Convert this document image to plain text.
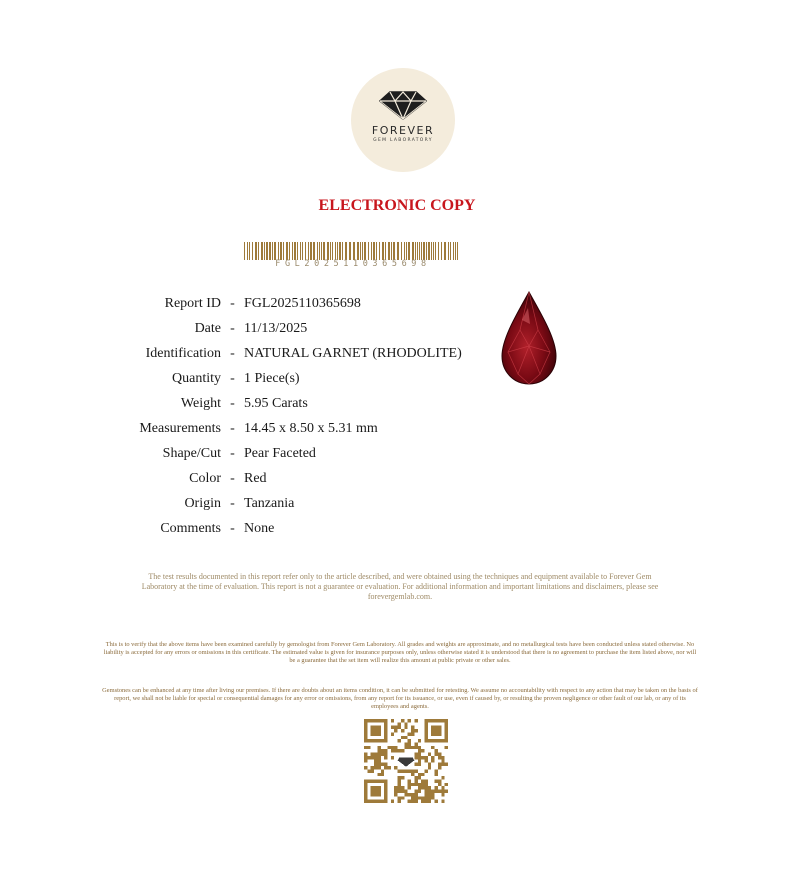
FOREVER
GEM LABORATORY
ELECTRONIC COPY
FGL2025110365698
Report ID - FGL2025110365698
Date - 11/13/2025
Identification - NATURAL GARNET (RHODOLITE)
Quantity - 1 Piece(s)
Weight - 5.95 Carats
Measurements - 14.45 x 8.50 x 5.31 mm
Shape/Cut - Pear Faceted
Color - Red
Origin - Tanzania
Comments - None
The test results documented in this report refer only to the article described, and were obtained using the techniques and equipment available to Forever Gem Laboratory at the time of evaluation. This report is not a guarantee or evaluation. For additional information and important limitations and disclaimers, please see forevergemlab.com.
This is to verify that the above items have been examined carefully by gemologist from Forever Gem Laboratory. All grades and weights are approximate, and no metallurgical tests have been conducted unless stated otherwise. No liability is accepted for any errors or omissions in this certificate. The estimated value is given for insurance purposes only, unless otherwise stated it is understood that there is no agreement to purchase the item listed above, nor will be a guarantee that the set item will realize this amount at public private or other sales.
Gemstones can be enhanced at any time after living our premises. If there are doubts about an items condition, it can be submitted for retesting. We assume no accountability with respect to any action that may be taken on the basis of report, we shall not be liable for special or consequential damages for any error or omissions, from any report for its issuance, or use, even if caused by, or resulting the proven negligence or other fault of our lab, or any of its employees and agents.
